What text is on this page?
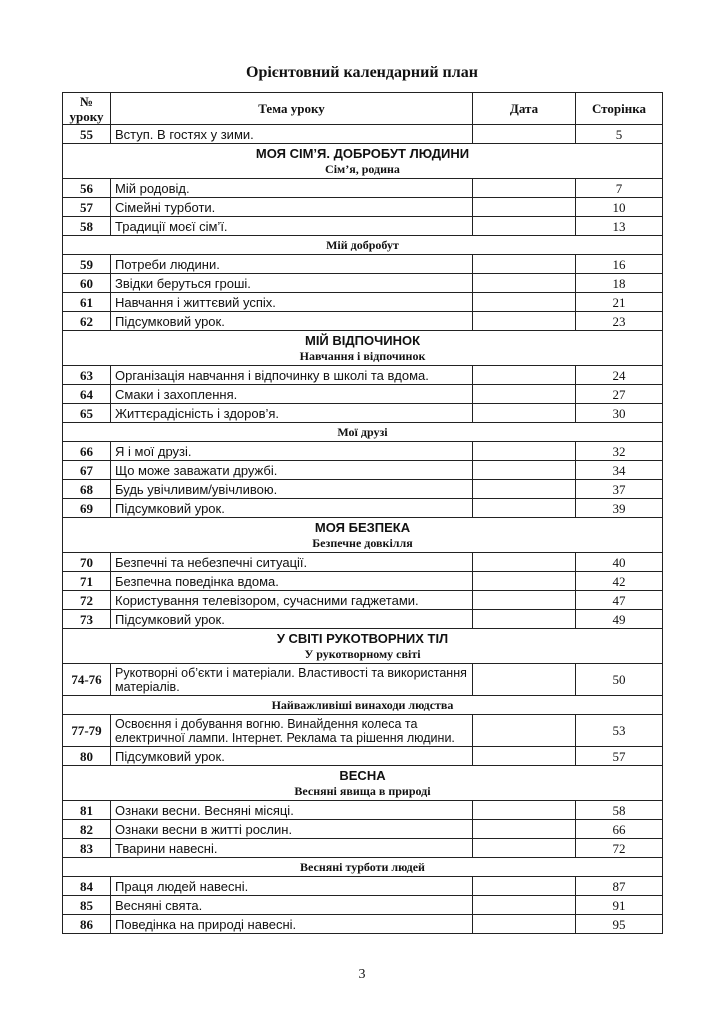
Орієнтовний календарний план
№ уроку	Тема уроку	Дата	Сторінка
55	Вступ. В гостях у зими.		5

МОЯ СІМ’Я. ДОБРОБУТ ЛЮДИНИ
Сім’я, родина			

56	Мій родовід.		7
57	Сімейні турботи.		10
58	Традиції моєї сім’ї.		13
Мій добробут			
59	Потреби людини.		16
60	Звідки беруться гроші.		18
61	Навчання і життєвий успіх.		21
62	Підсумковий урок.		23

МІЙ ВІДПОЧИНОК
Навчання і відпочинок			

63	Організація навчання і відпочинку в школі та вдома.		24
64	Смаки і захоплення.		27
65	Життєрадісність і здоров’я.		30
Мої друзі			
66	Я і мої друзі.		32
67	Що може заважати дружбі.		34
68	Будь увічливим/увічливою.		37
69	Підсумковий урок.		39

МОЯ БЕЗПЕКА
Безпечне довкілля			

70	Безпечні та небезпечні ситуації.		40
71	Безпечна поведінка вдома.		42
72	Користування телевізором, сучасними гаджетами.		47
73	Підсумковий урок.		49

У СВІТІ РУКОТВОРНИХ ТІЛ
У рукотворному світі			

74-76	Рукотворні об’єкти і матеріали. Властивості та використання матеріалів.		50
Найважливіші винаходи людства			
77-79	Освоєння і добування вогню. Винайдення колеса та електричної лампи. Інтернет. Реклама та рішення людини.		53
80	Підсумковий урок.		57

ВЕСНА
Весняні явища в природі			

81	Ознаки весни. Весняні місяці.		58
82	Ознаки весни в житті рослин.		66
83	Тварини навесні.		72
Весняні турботи людей			
84	Праця людей навесні.		87
85	Весняні свята.		91
86	Поведінка на природі навесні.		95
3
